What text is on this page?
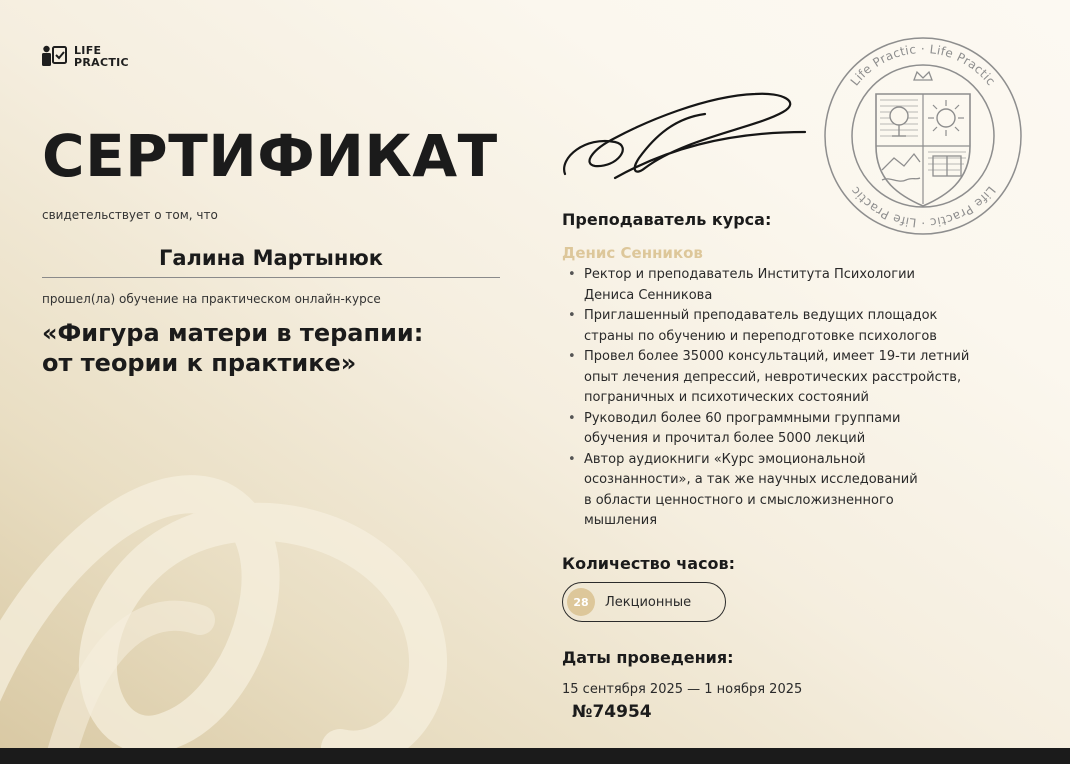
LIFE
PRACTIC
СЕРТИФИКАТ
свидетельствует о том, что
Галина Мартынюк
прошел(ла) обучение на практическом онлайн-курсе
«Фигура матери в терапии:
от теории к практике»
Life Practic · Life Practic
Life Practic · Life Practic
Преподаватель курса:
Денис Сенников
• Ректор и преподаватель Института Психологии
Дениса Сенникова
• Приглашенный преподаватель ведущих площадок
страны по обучению и переподготовке психологов
• Провел более 35000 консультаций, имеет 19-ти летний
опыт лечения депрессий, невротических расстройств,
пограничных и психотических состояний
• Руководил более 60 программными группами
обучения и прочитал более 5000 лекций
• Автор аудиокниги «Курс эмоциональной
осознанности», а так же научных исследований
в области ценностного и смысложизненного
мышления
Количество часов:
28	Лекционные
Даты проведения:
15 сентября 2025 — 1 ноября 2025
№74954
